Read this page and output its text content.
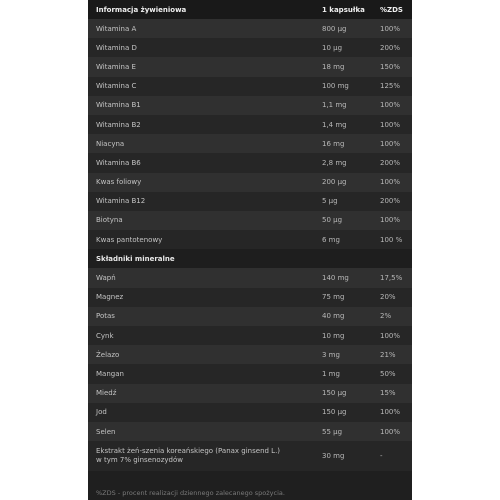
Informacja żywieniowa	1 kapsułka	%ZDS
Witamina A	800 µg	100%
Witamina D	10 µg	200%
Witamina E	18 mg	150%
Witamina C	100 mg	125%
Witamina B1	1,1 mg	100%
Witamina B2	1,4 mg	100%
Niacyna	16 mg	100%
Witamina B6	2,8 mg	200%
Kwas foliowy	200 µg	100%
Witamina B12	5 µg	200%
Biotyna	50 µg	100%
Kwas pantotenowy	6 mg	100 %
Składniki mineralne		
Wapń	140 mg	17,5%
Magnez	75 mg	20%
Potas	40 mg	2%
Cynk	10 mg	100%
Żelazo	3 mg	21%
Mangan	1 mg	50%
Miedź	150 µg	15%
Jod	150 µg	100%
Selen	55 µg	100%

Ekstrakt żeń-szenia koreańskiego (Panax ginsend L.)
w tym 7% ginsenozydów	30 mg	-
%ZDS - procent realizacji dziennego zalecanego spożycia.
